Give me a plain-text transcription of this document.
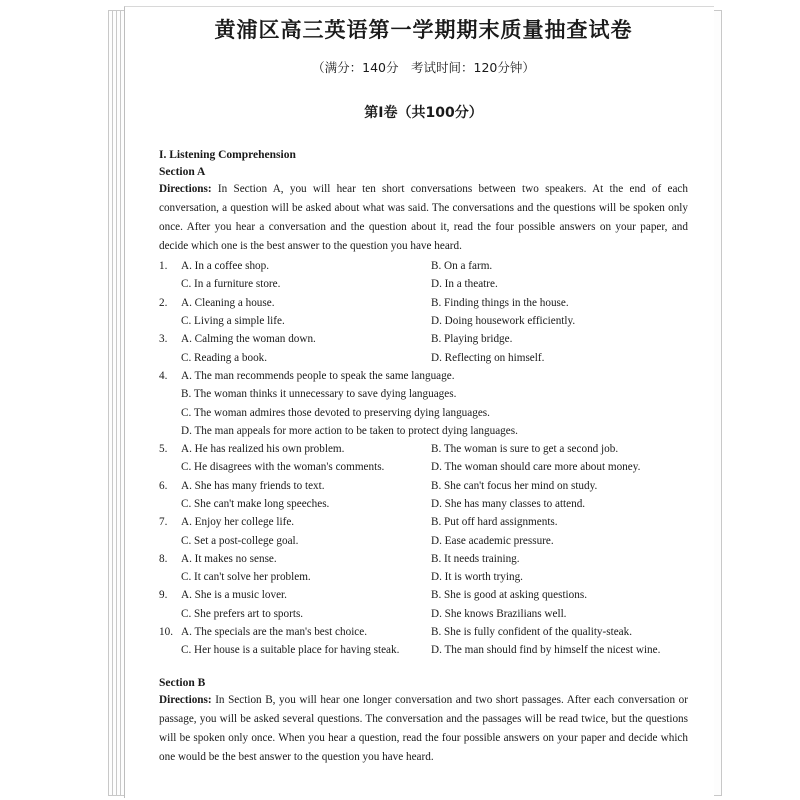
黄浦区高三英语第一学期期末质量抽查试卷
（满分：140分　考试时间：120分钟）
第Ⅰ卷（共100分）
I. Listening Comprehension
Section A
Directions: In Section A, you will hear ten short conversations between two speakers. At the end of each conversation, a question will be asked about what was said. The conversations and the questions will be spoken only once. After you hear a conversation and the question about it, read the four possible answers on your paper, and decide which one is the best answer to the question you have heard.
1.	A. In a coffee shop.	B. On a farm.
C. In a furniture store.	D. In a theatre.
2.	A. Cleaning a house.	B. Finding things in the house.
C. Living a simple life.	D. Doing housework efficiently.
3.	A. Calming the woman down.	B. Playing bridge.
C. Reading a book.	D. Reflecting on himself.
4.	A. The man recommends people to speak the same language.
B. The woman thinks it unnecessary to save dying languages.
C. The woman admires those devoted to preserving dying languages.
D. The man appeals for more action to be taken to protect dying languages.
5.	A. He has realized his own problem.	B. The woman is sure to get a second job.
C. He disagrees with the woman's comments.	D. The woman should care more about money.
6.	A. She has many friends to text.	B. She can't focus her mind on study.
C. She can't make long speeches.	D. She has many classes to attend.
7.	A. Enjoy her college life.	B. Put off hard assignments.
C. Set a post-college goal.	D. Ease academic pressure.
8.	A. It makes no sense.	B. It needs training.
C. It can't solve her problem.	D. It is worth trying.
9.	A. She is a music lover.	B. She is good at asking questions.
C. She prefers art to sports.	D. She knows Brazilians well.
10. A. The specials are the man's best choice.	B. She is fully confident of the quality-steak.
C. Her house is a suitable place for having steak.	D. The man should find by himself the nicest wine.
Section B
Directions: In Section B, you will hear one longer conversation and two short passages. After each conversation or passage, you will be asked several questions. The conversation and the passages will be read twice, but the questions will be spoken only once. When you hear a question, read the four possible answers on your paper and decide which one would be the best answer to the question you have heard.
